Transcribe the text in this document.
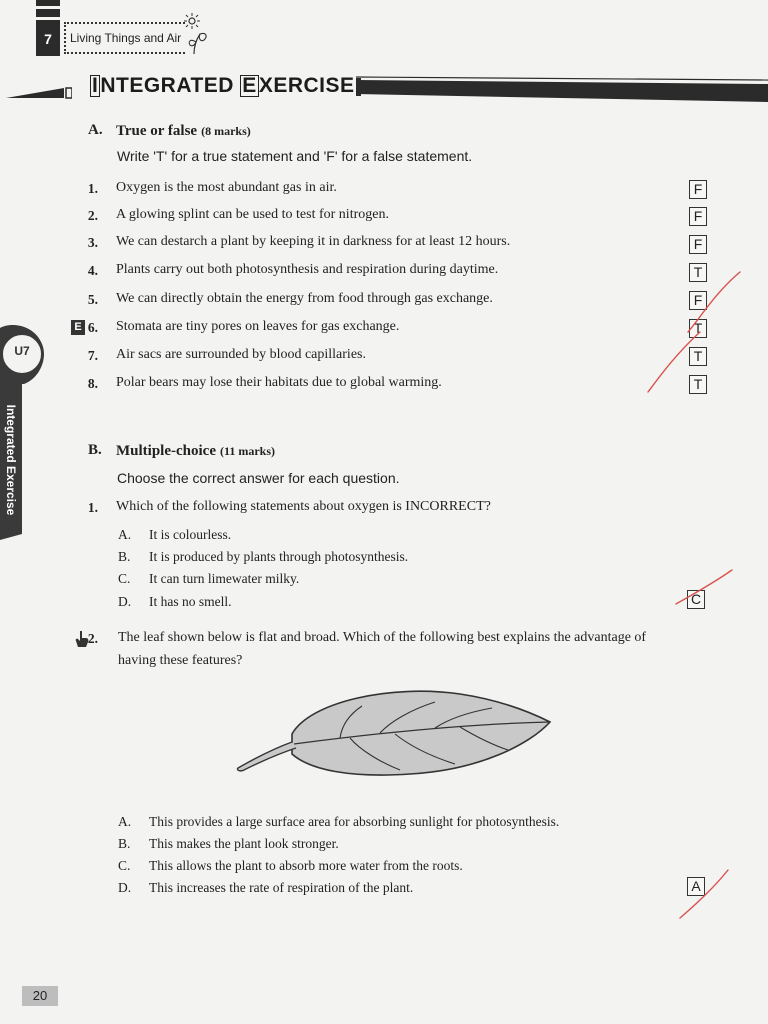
7	Living Things and Air
INTEGRATED EXERCISE
U7
Integrated Exercise
A. True or false (8 marks)
Write 'T' for a true statement and 'F' for a false statement.
E
1. Oxygen is the most abundant gas in air.	F
2. A glowing splint can be used to test for nitrogen.	F
3. We can destarch a plant by keeping it in darkness for at least 12 hours.	F
4. Plants carry out both photosynthesis and respiration during daytime.	T
5. We can directly obtain the energy from food through gas exchange.	F
6. Stomata are tiny pores on leaves for gas exchange.	T
7. Air sacs are surrounded by blood capillaries.	T
8. Polar bears may lose their habitats due to global warming.	T
B. Multiple-choice (11 marks)
Choose the correct answer for each question.
1. Which of the following statements about oxygen is INCORRECT?
A. It is colourless.
B. It is produced by plants through photosynthesis.
C. It can turn limewater milky.
D. It has no smell.	C
2. The leaf shown below is flat and broad. Which of the following best explains the advantage of
having these features?
A. This provides a large surface area for absorbing sunlight for photosynthesis.
B. This makes the plant look stronger.
C. This allows the plant to absorb more water from the roots.
D. This increases the rate of respiration of the plant.	A
20
